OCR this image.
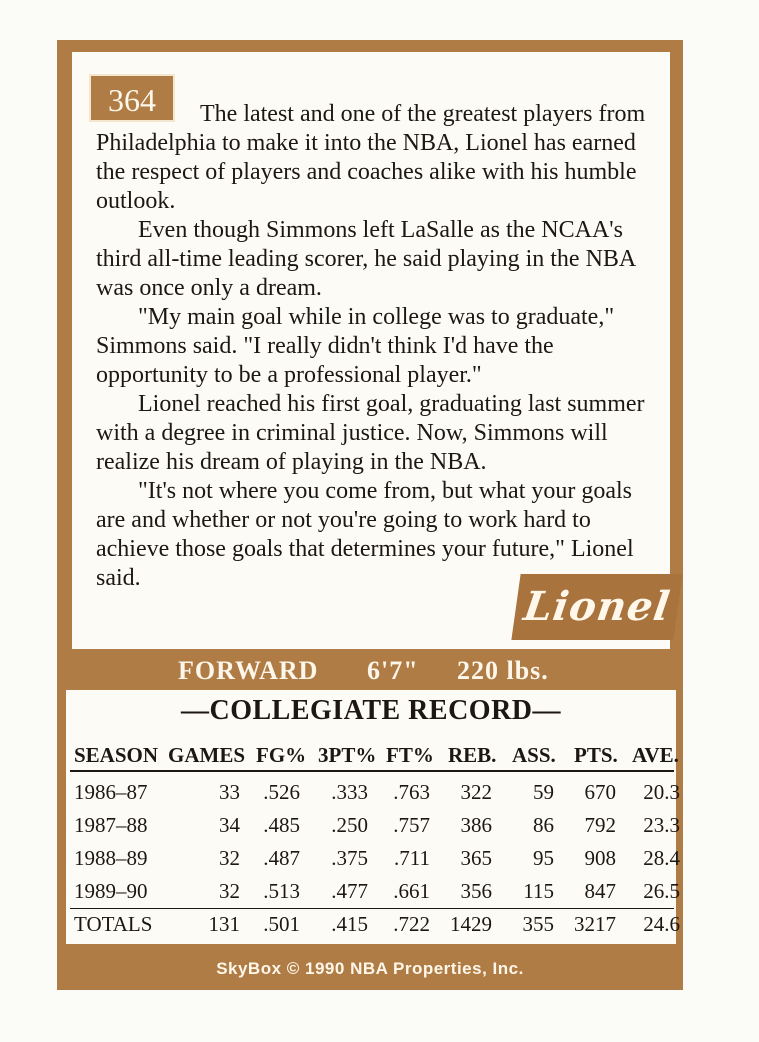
364	The latest and one of the greatest players from Philadelphia to make it into the NBA, Lionel has earned the respect of players and coaches alike with his humble outlook.
Even though Simmons left LaSalle as the NCAA's third all-time leading scorer, he said playing in the NBA was once only a dream.
"My main goal while in college was to graduate," Simmons said. "I really didn't think I'd have the opportunity to be a professional player."
Lionel reached his first goal, graduating last summer with a degree in criminal justice. Now, Simmons will realize his dream of playing in the NBA.
"It's not where you come from, but what your goals are and whether or not you're going to work hard to achieve those goals that determines your future," Lionel said.
Lionel
FORWARD 6'7" 220 lbs.
—COLLEGIATE RECORD—
SEASON GAMES FG% 3PT% FT% REB. ASS. PTS. AVE.
1986–87	33 .526 .333 .763 322 59 670 20.3
1987–88	34 .485 .250 .757 386 86 792 23.3
1988–89	32 .487 .375 .711 365 95 908 28.4
1989–90	32 .513 .477 .661 356 115 847 26.5
TOTALS	131 .501 .415 .722 1429 355 3217 24.6
SkyBox © 1990 NBA Properties, Inc.
